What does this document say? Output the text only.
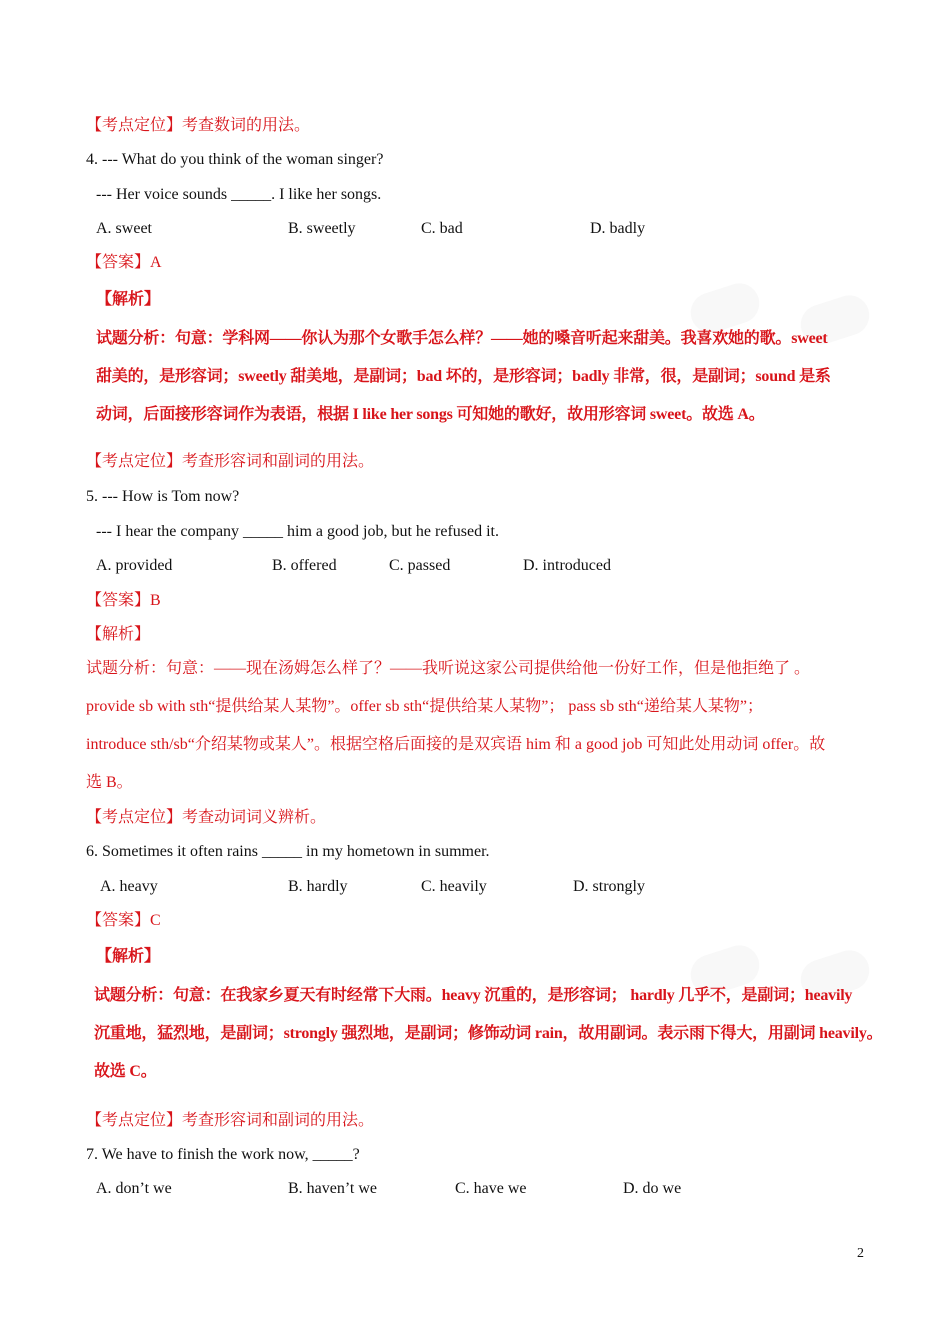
【考点定位】考查数词的用法。
4. --- What do you think of the woman singer?
--- Her voice sounds _____. I like her songs.
A. sweet	B. sweetly	C. bad	D. badly
【答案】A
【解析】
试题分析：句意：学科网——你认为那个女歌手怎么样？——她的嗓音听起来甜美。我喜欢她的歌。sweet
甜美的，是形容词；sweetly 甜美地，是副词；bad 坏的，是形容词；badly 非常，很，是副词；sound 是系
动词，后面接形容词作为表语，根据 I like her songs 可知她的歌好，故用形容词 sweet。故选 A。
【考点定位】考查形容词和副词的用法。
5. --- How is Tom now?
--- I hear the company _____ him a good job, but he refused it.
A. provided	B. offered	C. passed	D. introduced
【答案】B
【解析】
试题分析：句意：——现在汤姆怎么样了？——我听说这家公司提供给他一份好工作，但是他拒绝了 。
provide sb with sth“提供给某人某物”。offer sb sth“提供给某人某物”； pass sb sth“递给某人某物”；
introduce sth/sb“介绍某物或某人”。根据空格后面接的是双宾语 him 和 a good job 可知此处用动词 offer。故
选 B。
【考点定位】考查动词词义辨析。
6. Sometimes it often rains _____ in my hometown in summer.
A. heavy	B. hardly	C. heavily	D. strongly
【答案】C
【解析】
试题分析：句意：在我家乡夏天有时经常下大雨。heavy 沉重的，是形容词； hardly 几乎不，是副词；heavily
沉重地，猛烈地，是副词；strongly 强烈地，是副词；修饰动词 rain，故用副词。表示雨下得大，用副词 heavily。
故选 C。
【考点定位】考查形容词和副词的用法。
7. We have to finish the work now, _____?
A. don’t we	B. haven’t we	C. have we	D. do we
2
